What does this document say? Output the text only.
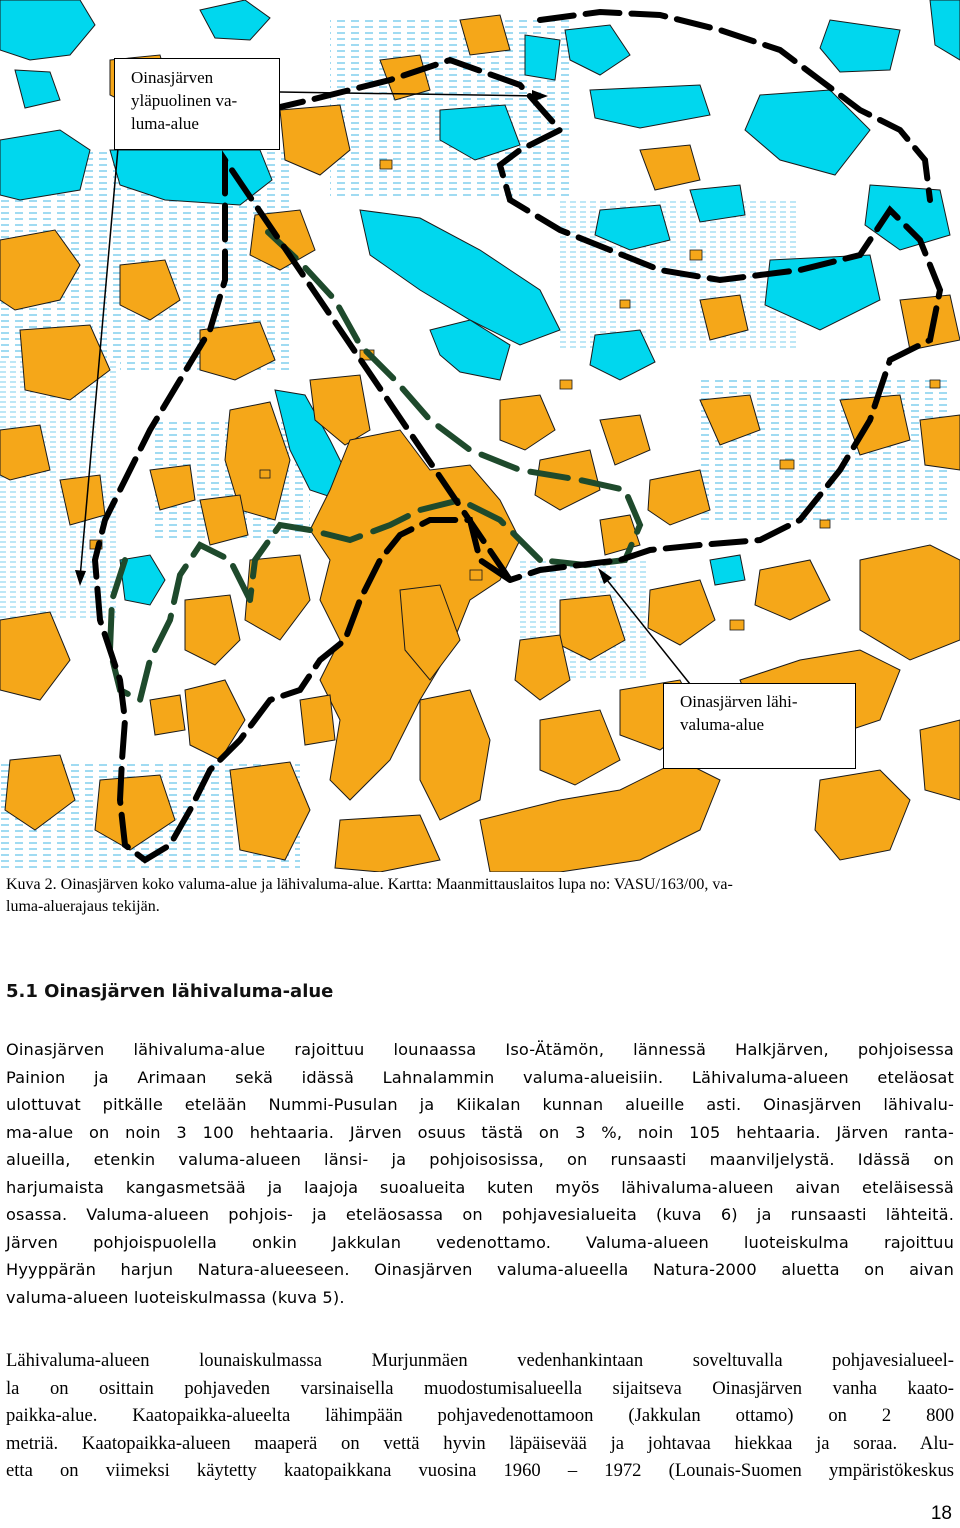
Oinasjärven
yläpuolinen va-
luma-alue
Oinasjärven lähi-
valuma-alue
Kuva 2. Oinasjärven koko valuma-alue ja lähivaluma-alue. Kartta: Maanmittauslaitos lupa no: VASU/163/00, va-
luma-aluerajaus tekijän.
5.1 Oinasjärven lähivaluma-alue
Oinasjärven lähivaluma-alue rajoittuu lounaassa Iso-Ätämön, lännessä Halkjärven, pohjoisessa
Painion ja Arimaan sekä idässä Lahnalammin valuma-alueisiin. Lähivaluma-alueen eteläosat
ulottuvat pitkälle etelään Nummi-Pusulan ja Kiikalan kunnan alueille asti. Oinasjärven lähivalu-
ma-alue on noin 3 100 hehtaaria. Järven osuus tästä on 3 %, noin 105 hehtaaria. Järven ranta-
alueilla, etenkin valuma-alueen länsi- ja pohjoisosissa, on runsaasti maanviljelystä. Idässä on
harjumaista kangasmetsää ja laajoja suoalueita kuten myös lähivaluma-alueen aivan eteläisessä
osassa. Valuma-alueen pohjois- ja eteläosassa on pohjavesialueita (kuva 6) ja runsaasti lähteitä.
Järven pohjoispuolella onkin Jakkulan vedenottamo. Valuma-alueen luoteiskulma rajoittuu
Hyyppärän harjun Natura-alueeseen. Oinasjärven valuma-alueella Natura-2000 aluetta on aivan
valuma-alueen luoteiskulmassa (kuva 5).
Lähivaluma-alueen lounaiskulmassa Murjunmäen vedenhankintaan soveltuvalla pohjavesialueel-
la on osittain pohjaveden varsinaisella muodostumisalueella sijaitseva Oinasjärven vanha kaato-
paikka-alue. Kaatopaikka-alueelta lähimpään pohjavedenottamoon (Jakkulan ottamo) on 2 800
metriä. Kaatopaikka-alueen maaperä on vettä hyvin läpäisevää ja johtavaa hiekkaa ja soraa. Alu-
etta on viimeksi käytetty kaatopaikkana vuosina 1960 – 1972 (Lounais-Suomen ympäristökeskus
18
